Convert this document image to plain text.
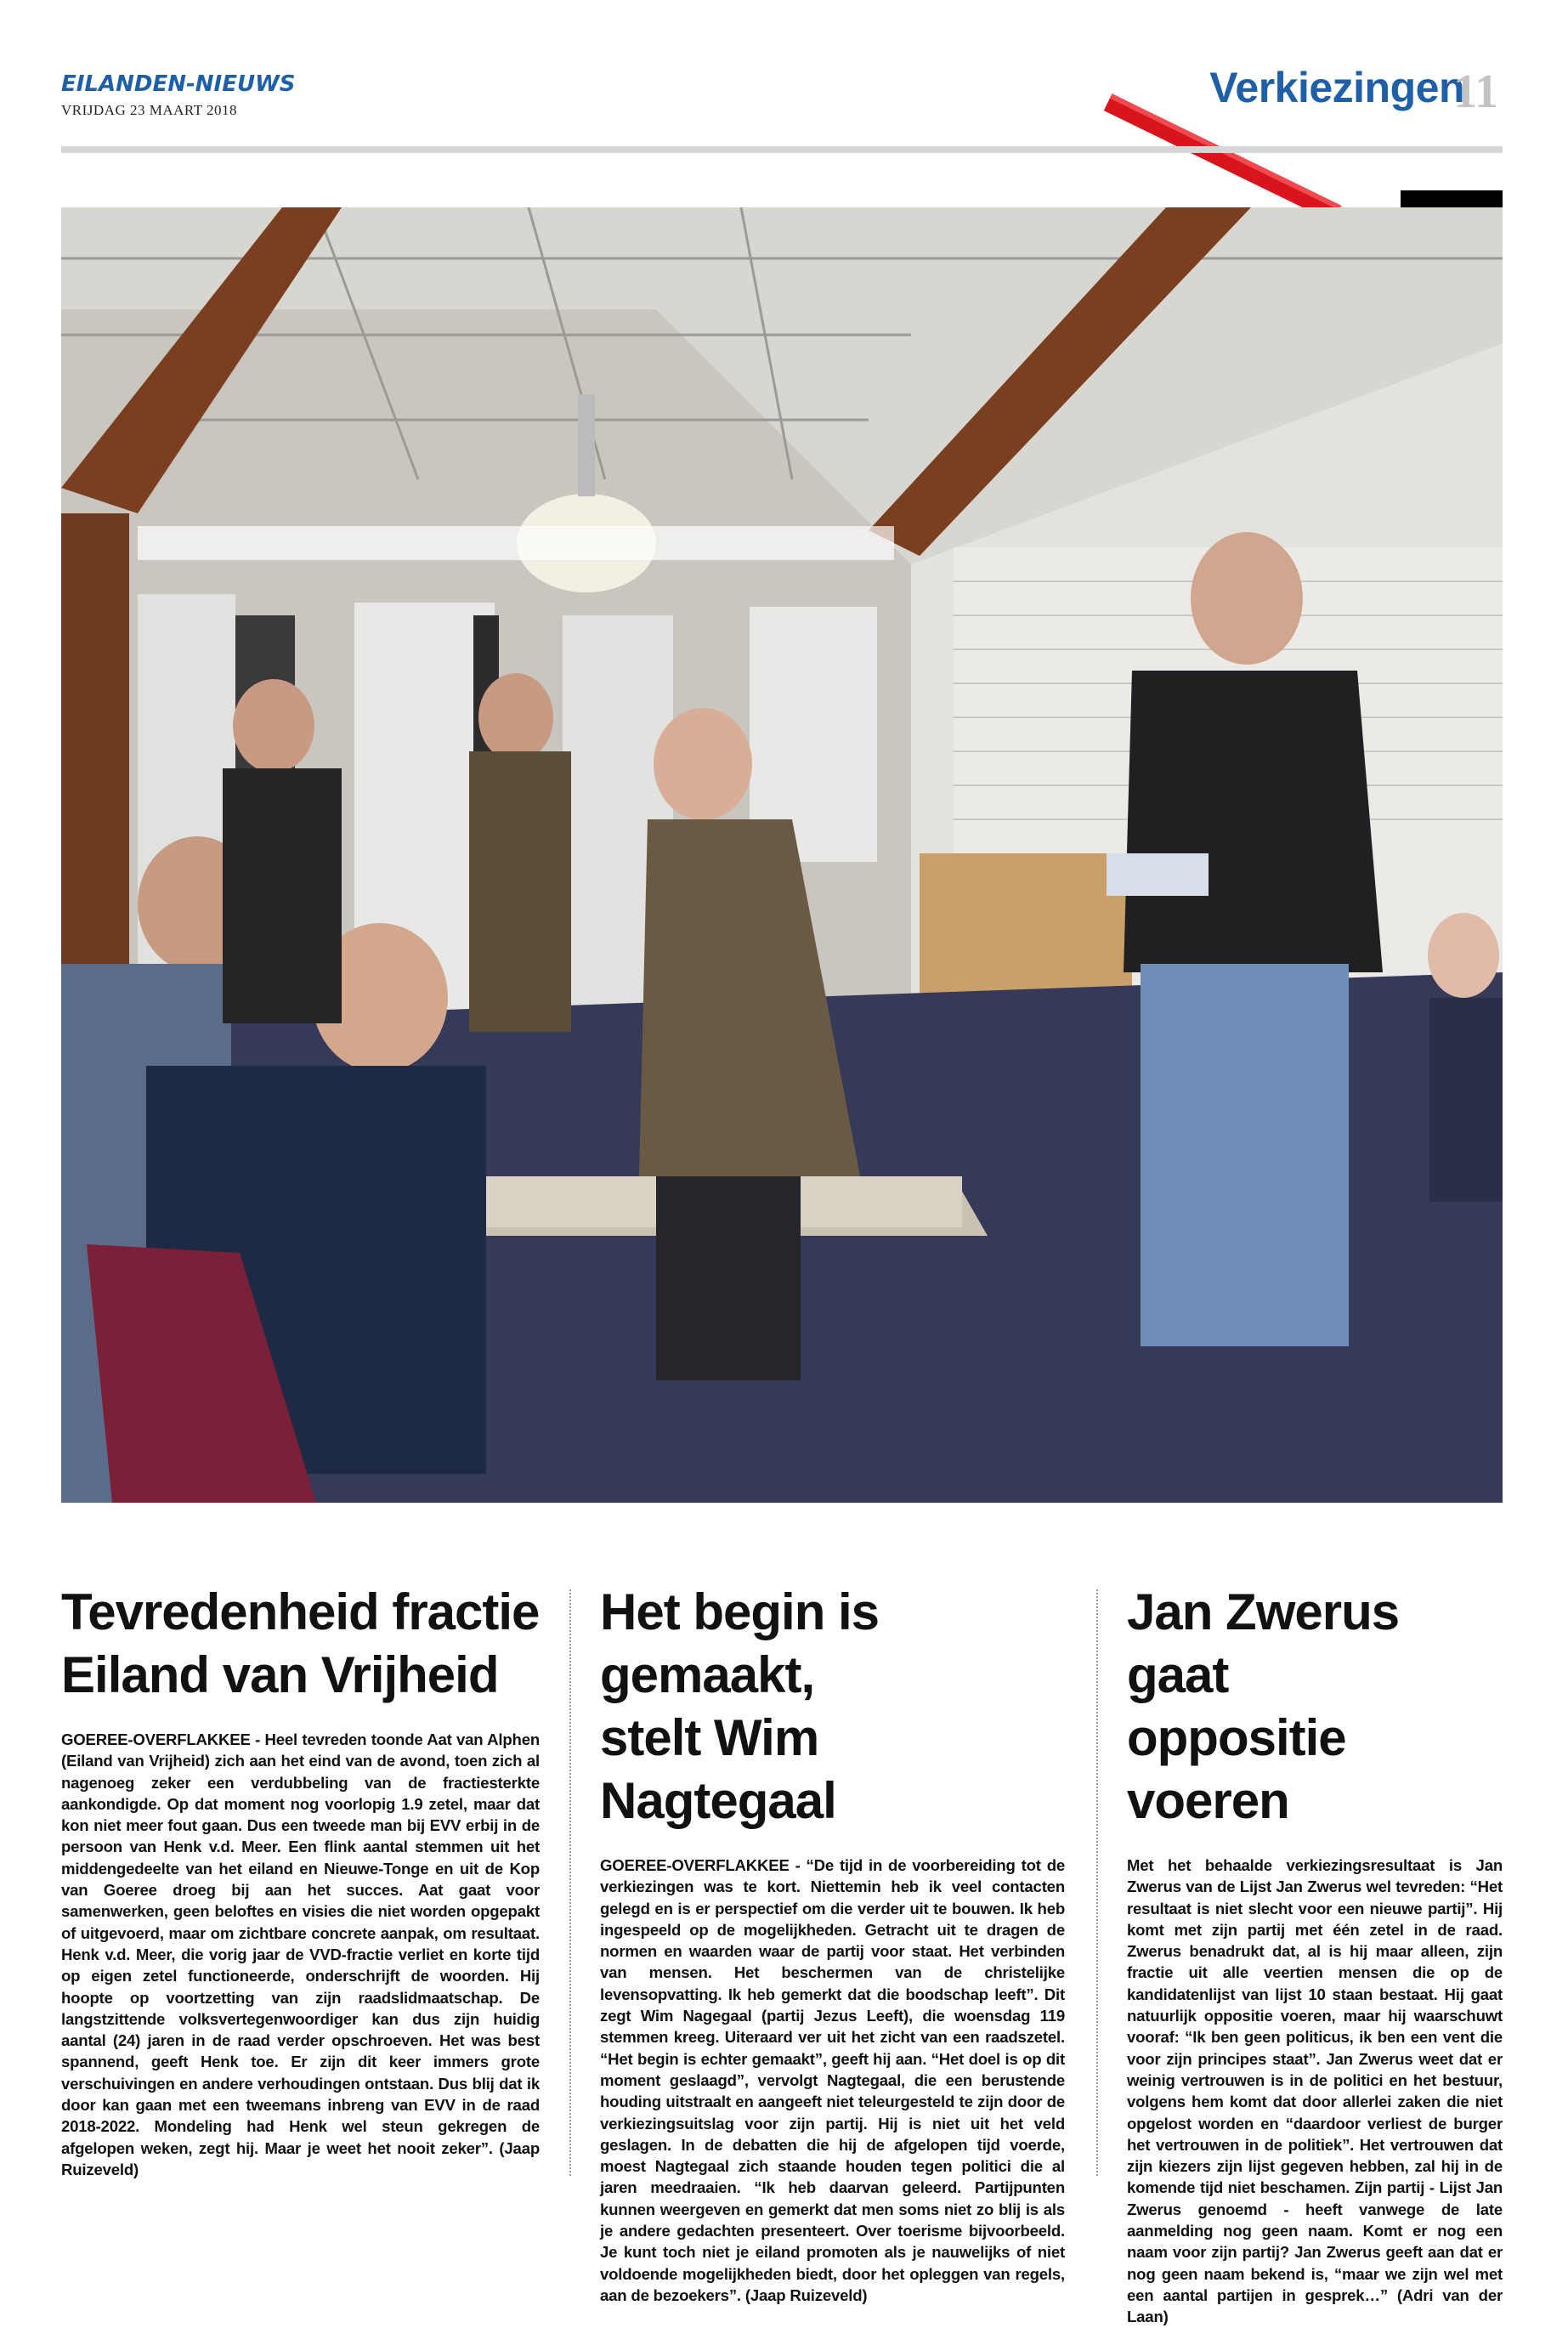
EILANDEN-NIEUWS
VRIJDAG 23 MAART 2018	Verkiezingen
11
Tevredenheid fractie
Eiland van Vrijheid

GOEREE-OVERFLAKKEE - Heel tevreden toonde Aat van Alphen (Eiland van Vrijheid) zich aan het eind van de avond, toen zich al nagenoeg zeker een verdubbeling van de fractiesterkte aankondigde. Op dat moment nog voorlopig 1.9 zetel, maar dat kon niet meer fout gaan. Dus een tweede man bij EVV erbij in de persoon van Henk v.d. Meer. Een flink aantal stemmen uit het middengedeelte van het eiland en Nieuwe-Tonge en uit de Kop van Goeree droeg bij aan het succes. Aat gaat voor samenwerken, geen beloftes en visies die niet worden opgepakt of uitgevoerd, maar om zichtbare concrete aanpak, om resultaat. Henk v.d. Meer, die vorig jaar de VVD-fractie verliet en korte tijd op eigen zetel functioneerde, onderschrijft de woorden. Hij hoopte op voortzetting van zijn raadslidmaatschap. De langstzittende volksvertegenwoordiger kan dus zijn huidig aantal (24) jaren in de raad verder opschroeven. Het was best spannend, geeft Henk toe. Er zijn dit keer immers grote verschuivingen en andere verhoudingen ontstaan. Dus blij dat ik door kan gaan met een tweemans inbreng van EVV in de raad 2018-2022. Mondeling had Henk wel steun gekregen de afgelopen weken, zegt hij. Maar je weet het nooit zeker”. (Jaap Ruizeveld)

Het begin is gemaakt,
stelt Wim Nagtegaal

GOEREE-OVERFLAKKEE - “De tijd in de voorbereiding tot de verkiezingen was te kort. Niettemin heb ik veel contacten gelegd en is er perspectief om die verder uit te bouwen. Ik heb ingespeeld op de mogelijkheden. Getracht uit te dragen de normen en waarden waar de partij voor staat. Het verbinden van mensen. Het beschermen van de christelijke levensopvatting. Ik heb gemerkt dat die boodschap leeft”. Dit zegt Wim Nagegaal (partij Jezus Leeft), die woensdag 119 stemmen kreeg. Uiteraard ver uit het zicht van een raadszetel. “Het begin is echter gemaakt”, geeft hij aan. “Het doel is op dit moment geslaagd”, vervolgt Nagtegaal, die een berustende houding uitstraalt en aangeeft niet teleurgesteld te zijn door de verkiezingsuitslag voor zijn partij. Hij is niet uit het veld geslagen. In de debatten die hij de afgelopen tijd voerde, moest Nagtegaal zich staande houden tegen politici die al jaren meedraaien. “Ik heb daarvan geleerd. Partijpunten kunnen weergeven en gemerkt dat men soms niet zo blij is als je andere gedachten presenteert. Over toerisme bijvoorbeeld. Je kunt toch niet je eiland promoten als je nauwelijks of niet voldoende mogelijkheden biedt, door het opleggen van regels, aan de bezoekers”. (Jaap Ruizeveld)

Jan Zwerus gaat
oppositie voeren

Met het behaalde verkiezingsresultaat is Jan Zwerus van de Lijst Jan Zwerus wel tevreden: “Het resultaat is niet slecht voor een nieuwe partij”. Hij komt met zijn partij met één zetel in de raad. Zwerus benadrukt dat, al is hij maar alleen, zijn fractie uit alle veertien mensen die op de kandidatenlijst van lijst 10 staan bestaat. Hij gaat natuurlijk oppositie voeren, maar hij waarschuwt vooraf: “Ik ben geen politicus, ik ben een vent die voor zijn principes staat”. Jan Zwerus weet dat er weinig vertrouwen is in de politici en het bestuur, volgens hem komt dat door allerlei zaken die niet opgelost worden en “daardoor verliest de burger het vertrouwen in de politiek”. Het vertrouwen dat zijn kiezers zijn lijst gegeven hebben, zal hij in de komende tijd niet beschamen. Zijn partij - Lijst Jan Zwerus genoemd - heeft vanwege de late aanmelding nog geen naam. Komt er nog een naam voor zijn partij? Jan Zwerus geeft aan dat er nog geen naam bekend is, “maar we zijn wel met een aantal partijen in gesprek…” (Adri van der Laan)
